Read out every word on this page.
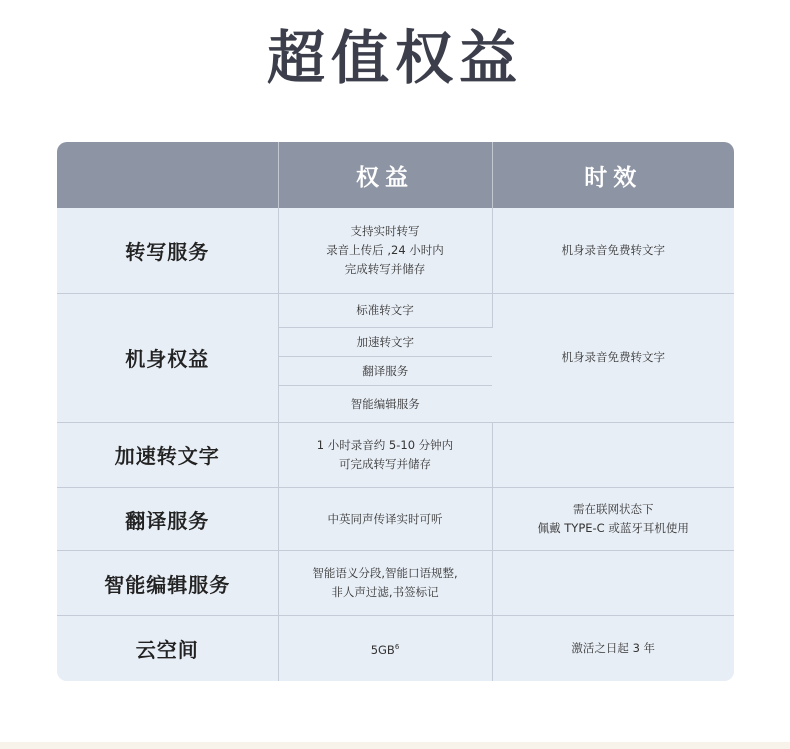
超值权益
	权益	时效
转写服务	支持实时转写
录音上传后 ,24 小时内
完成转写并储存	机身录音免费转文字
机身权益	标准转文字	机身录音免费转文字
	加速转文字	
	翻译服务	
	智能编辑服务	
加速转文字	1 小时录音约 5-10 分钟内
可完成转写并储存	

翻译服务	中英同声传译实时可听	需在联网状态下
佩戴 TYPE-C 或蓝牙耳机使用

智能编辑服务	智能语义分段,智能口语规整,
非人声过滤,书签标记	

云空间	$5GB^6$	激活之日起 3 年
